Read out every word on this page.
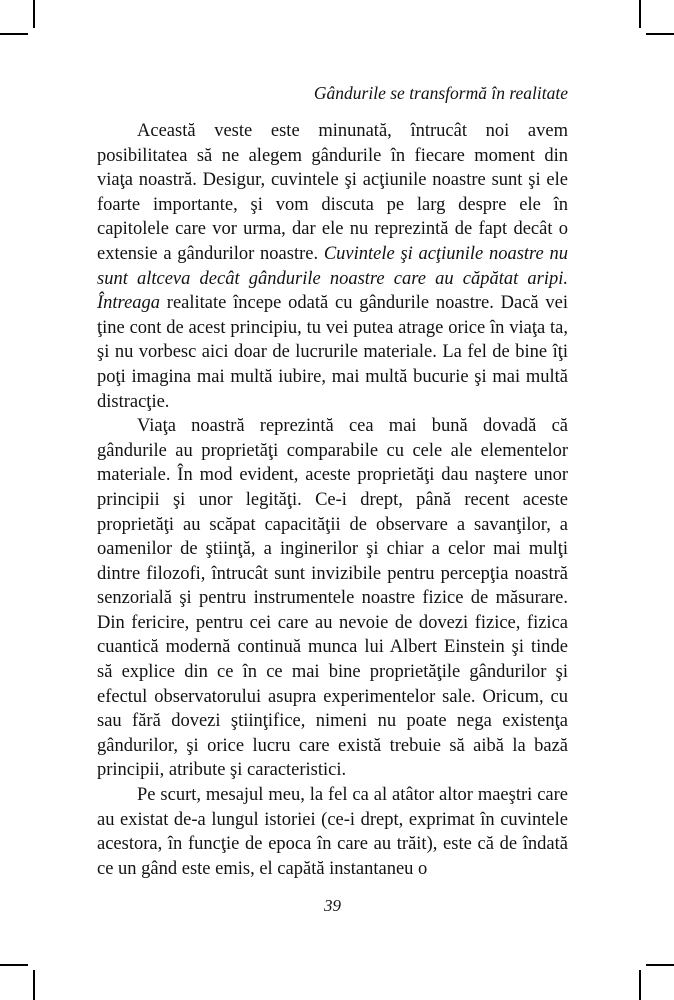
Gândurile se transformă în realitate

Această veste este minunată, întrucât noi avem posibilitatea să ne alegem gândurile în fiecare moment din viaţa noastră. Desigur, cuvintele şi acţiunile noastre sunt şi ele foarte importante, şi vom discuta pe larg despre ele în capitolele care vor urma, dar ele nu reprezintă de fapt decât o extensie a gândurilor noastre. Cuvintele şi acţiunile noastre nu sunt altceva decât gândurile noastre care au căpătat aripi. Întreaga realitate începe odată cu gândurile noastre. Dacă vei ţine cont de acest principiu, tu vei putea atrage orice în viaţa ta, şi nu vorbesc aici doar de lucrurile materiale. La fel de bine îţi poţi imagina mai multă iubire, mai multă bucurie şi mai multă distracţie.

Viaţa noastră reprezintă cea mai bună dovadă că gândurile au proprietăţi comparabile cu cele ale elementelor materiale. În mod evident, aceste proprietăţi dau naştere unor principii şi unor legităţi. Ce-i drept, până recent aceste proprietăţi au scăpat capacităţii de observare a savanţilor, a oamenilor de ştiinţă, a inginerilor şi chiar a celor mai mulţi dintre filozofi, întrucât sunt invizibile pentru percepţia noastră senzorială şi pentru instrumentele noastre fizice de măsurare. Din fericire, pentru cei care au nevoie de dovezi fizice, fizica cuantică modernă continuă munca lui Albert Einstein şi tinde să explice din ce în ce mai bine proprietăţile gândurilor şi efectul observatorului asupra experimentelor sale. Oricum, cu sau fără dovezi ştiinţifice, nimeni nu poate nega existenţa gândurilor, şi orice lucru care există trebuie să aibă la bază principii, atribute şi caracteristici.

Pe scurt, mesajul meu, la fel ca al atâtor altor maeştri care au existat de-a lungul istoriei (ce-i drept, exprimat în cuvintele acestora, în funcţie de epoca în care au trăit), este că de îndată ce un gând este emis, el capătă instantaneu o

39
